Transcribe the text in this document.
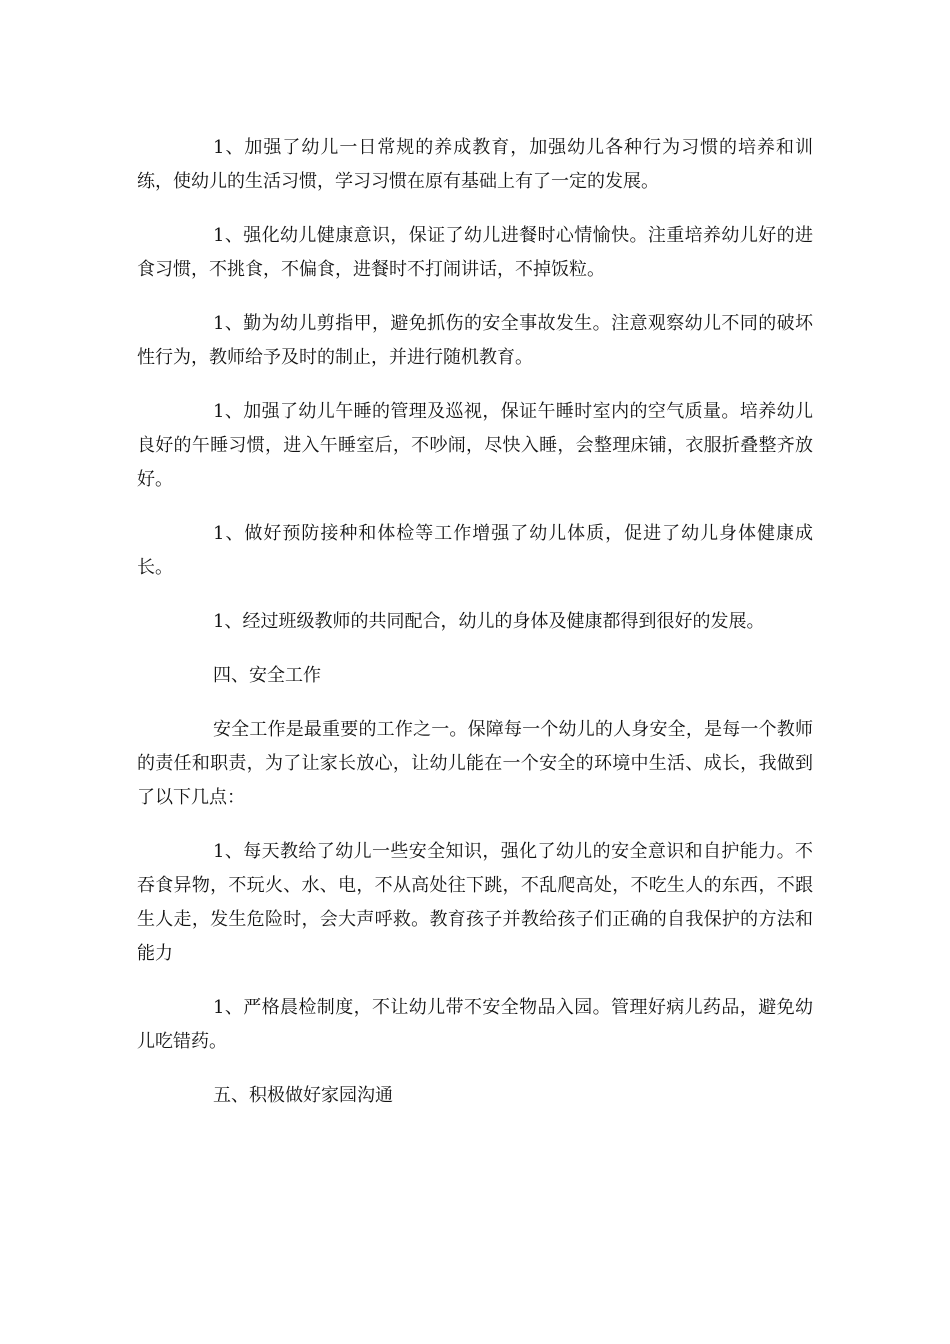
1、加强了幼儿一日常规的养成教育，加强幼儿各种行为习惯的培养和训练，使幼儿的生活习惯，学习习惯在原有基础上有了一定的发展。

1、强化幼儿健康意识，保证了幼儿进餐时心情愉快。注重培养幼儿好的进食习惯，不挑食，不偏食，进餐时不打闹讲话，不掉饭粒。

1、勤为幼儿剪指甲，避免抓伤的安全事故发生。注意观察幼儿不同的破坏性行为，教师给予及时的制止，并进行随机教育。

1、加强了幼儿午睡的管理及巡视，保证午睡时室内的空气质量。培养幼儿良好的午睡习惯，进入午睡室后，不吵闹，尽快入睡，会整理床铺，衣服折叠整齐放好。

1、做好预防接种和体检等工作增强了幼儿体质，促进了幼儿身体健康成长。

1、经过班级教师的共同配合，幼儿的身体及健康都得到很好的发展。

四、安全工作

安全工作是最重要的工作之一。保障每一个幼儿的人身安全，是每一个教师的责任和职责，为了让家长放心，让幼儿能在一个安全的环境中生活、成长，我做到了以下几点：

1、每天教给了幼儿一些安全知识，强化了幼儿的安全意识和自护能力。不吞食异物，不玩火、水、电，不从高处往下跳，不乱爬高处，不吃生人的东西，不跟生人走，发生危险时，会大声呼救。教育孩子并教给孩子们正确的自我保护的方法和能力

1、严格晨检制度，不让幼儿带不安全物品入园。管理好病儿药品，避免幼儿吃错药。

五、积极做好家园沟通
